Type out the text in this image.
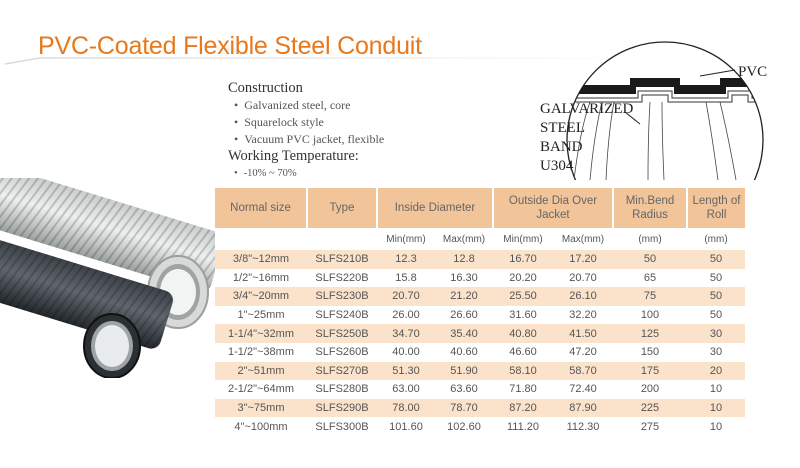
PVC-Coated Flexible Steel Conduit
Construction
• Galvanized steel, core
• Squarelock style
• Vacuum PVC jacket, flexible
Working Temperature:
• -10% ~ 70%
PVC
GALVARIZED
STEEL
BAND
U304
Normal size	Type	Inside Diameter		Outside Dia Over Jacket		Min.Bend Radius	Length of Roll
		Min(mm)	Max(mm)	Min(mm)	Max(mm)	(mm)	(mm)
3/8"~12mm	SLFS210B	12.3	12.8	16.70	17.20	50	50
1/2"~16mm	SLFS220B	15.8	16.30	20.20	20.70	65	50
3/4"~20mm	SLFS230B	20.70	21.20	25.50	26.10	75	50
1"~25mm	SLFS240B	26.00	26.60	31.60	32.20	100	50
1-1/4"~32mm	SLFS250B	34.70	35.40	40.80	41.50	125	30
1-1/2"~38mm	SLFS260B	40.00	40.60	46.60	47.20	150	30
2"~51mm	SLFS270B	51.30	51.90	58.10	58.70	175	20
2-1/2"~64mm	SLFS280B	63.00	63.60	71.80	72.40	200	10
3"~75mm	SLFS290B	78.00	78.70	87.20	87.90	225	10
4"~100mm	SLFS300B	101.60	102.60	111.20	112.30	275	10
